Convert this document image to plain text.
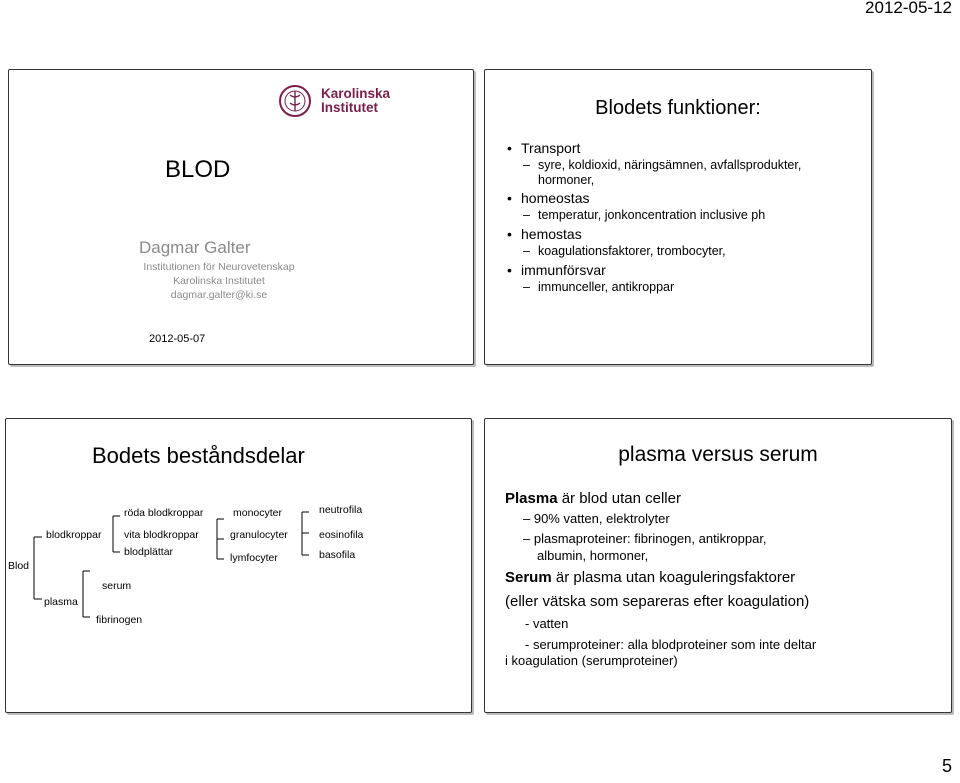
2012-05-12
Karolinska
Institutet
BLOD
Dagmar Galter
Institutionen för Neurovetenskap
Karolinska Institutet
dagmar.galter@ki.se
2012-05-07
Blodets funktioner:
• Transport
– syre, koldioxid, näringsämnen, avfallsprodukter,
hormoner,
• homeostas
– temperatur, jonkoncentration inclusive ph
• hemostas
– koagulationsfaktorer, trombocyter,
• immunförsvar
– immunceller, antikroppar
Bodets beståndsdelar
Blod
blodkroppar
plasma
röda blodkroppar
vita blodkroppar
blodplättar
serum
fibrinogen
monocyter
granulocyter
lymfocyter
neutrofila
eosinofila
basofila
plasma versus serum
Plasma är blod utan celler
– 90% vatten, elektrolyter
– plasmaproteiner: fibrinogen, antikroppar,
albumin, hormoner,
Serum är plasma utan koaguleringsfaktorer
(eller vätska som separeras efter koagulation)
- vatten
- serumproteiner: alla blodproteiner som inte deltar
i koagulation (serumproteiner)
5
